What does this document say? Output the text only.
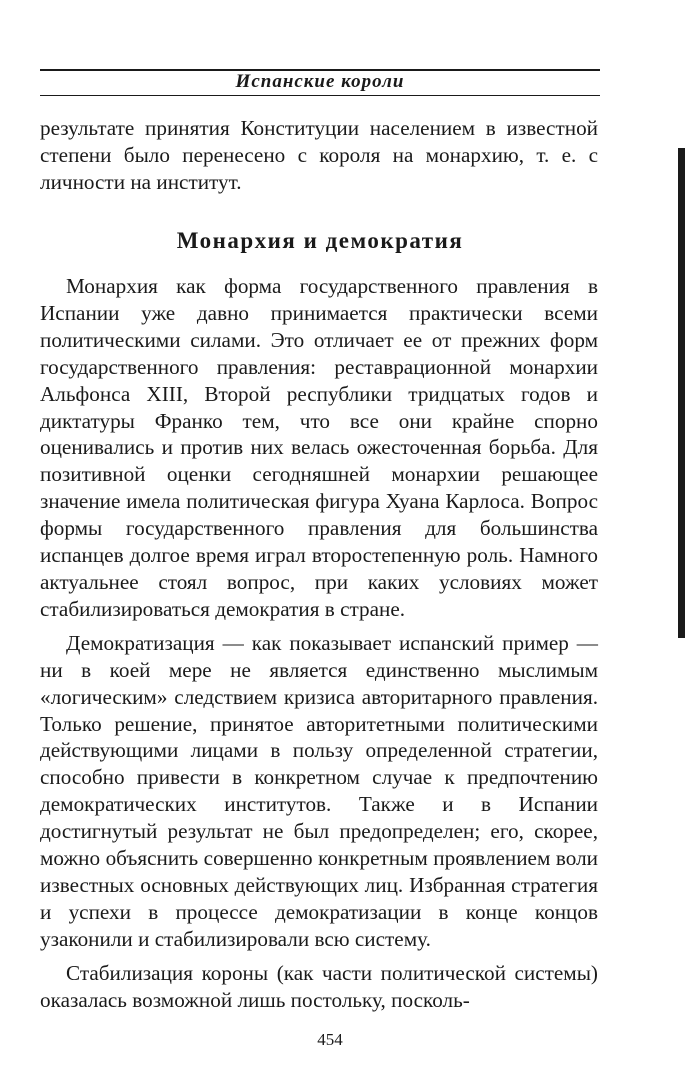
Испанские короли
результате принятия Конституции населением в известной степени было перенесено с короля на монархию, т. е. с личности на институт.
Монархия и демократия

Монархия как форма государственного правления в Испании уже давно принимается практически всеми политическими силами. Это отличает ее от прежних форм государственного правления: реставрационной монархии Альфонса XIII, Второй республики тридцатых годов и диктатуры Франко тем, что все они крайне спорно оценивались и против них велась ожесточенная борьба. Для позитивной оценки сегодняшней монархии решающее значение имела политическая фигура Хуана Карлоса. Вопрос формы государственного правления для большинства испанцев долгое время играл второстепенную роль. Намного актуальнее стоял вопрос, при каких условиях может стабилизироваться демократия в стране.

Демократизация — как показывает испанский пример — ни в коей мере не является единственно мыслимым «логическим» следствием кризиса авторитарного правления. Только решение, принятое авторитетными политическими действующими лицами в пользу определенной стратегии, способно привести в конкретном случае к предпочтению демократических институтов. Также и в Испании достигнутый результат не был предопределен; его, скорее, можно объяснить совершенно конкретным проявлением воли известных основных действующих лиц. Избранная стратегия и успехи в процессе демократизации в конце концов узаконили и стабилизировали всю систему.

Стабилизация короны (как части политической системы) оказалась возможной лишь постольку, посколь-

454
